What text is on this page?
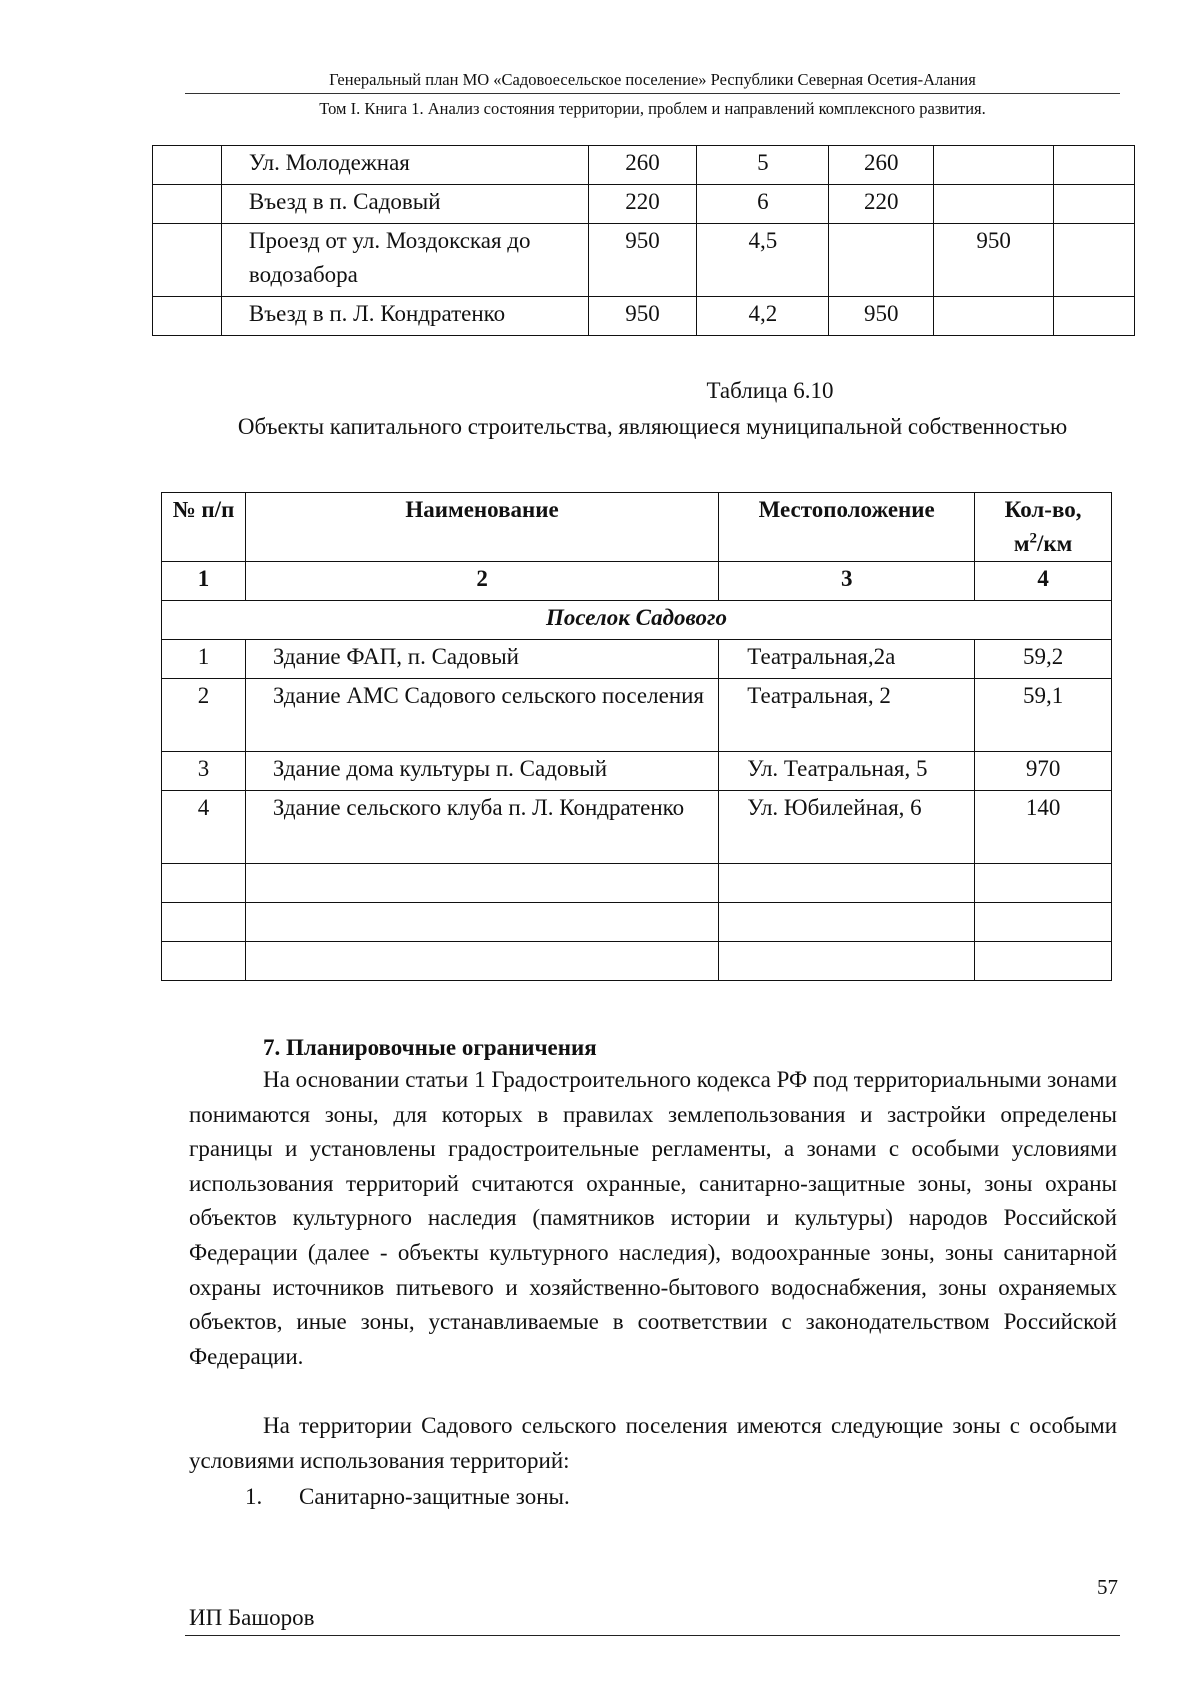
Генеральный план МО «Садовоесельское поселение» Республики Северная Осетия-Алания
Том I. Книга 1. Анализ состояния территории, проблем и направлений комплексного развития.
	Ул. Молодежная	260	5	260		
	Въезд в п. Садовый	220	6	220		
	Проезд от ул. Моздокская до водозабора	950	4,5		950	
	Въезд в п. Л. Кондратенко	950	4,2	950		
Таблица 6.10
Объекты капитального строительства, являющиеся муниципальной собственностью
№ п/п	Наименование	Местоположение	Кол-во,
$м^2/км$
1	2	3	4
Поселок Садового			
1	Здание ФАП, п. Садовый	Театральная,2а	59,2
2	Здание АМС Садового сельского поселения	Театральная, 2	59,1
3	Здание дома культуры п. Садовый	Ул. Театральная, 5	970
4	Здание сельского клуба п. Л. Кондратенко	Ул. Юбилейная, 6	140

7. Планировочные ограничения
На основании статьи 1 Градостроительного кодекса РФ под территориальными зонами понимаются зоны, для которых в правилах землепользования и застройки определены границы и установлены градостроительные регламенты, а зонами с особыми условиями использования территорий считаются охранные, санитарно-защитные зоны, зоны охраны объектов культурного наследия (памятников истории и культуры) народов Российской Федерации (далее - объекты культурного наследия), водоохранные зоны, зоны санитарной охраны источников питьевого и хозяйственно-бытового водоснабжения, зоны охраняемых объектов, иные зоны, устанавливаемые в соответствии с законодательством Российской Федерации.
На территории Садового сельского поселения имеются следующие зоны с особыми условиями использования территорий:
1. Санитарно-защитные зоны.
57
ИП Башоров
